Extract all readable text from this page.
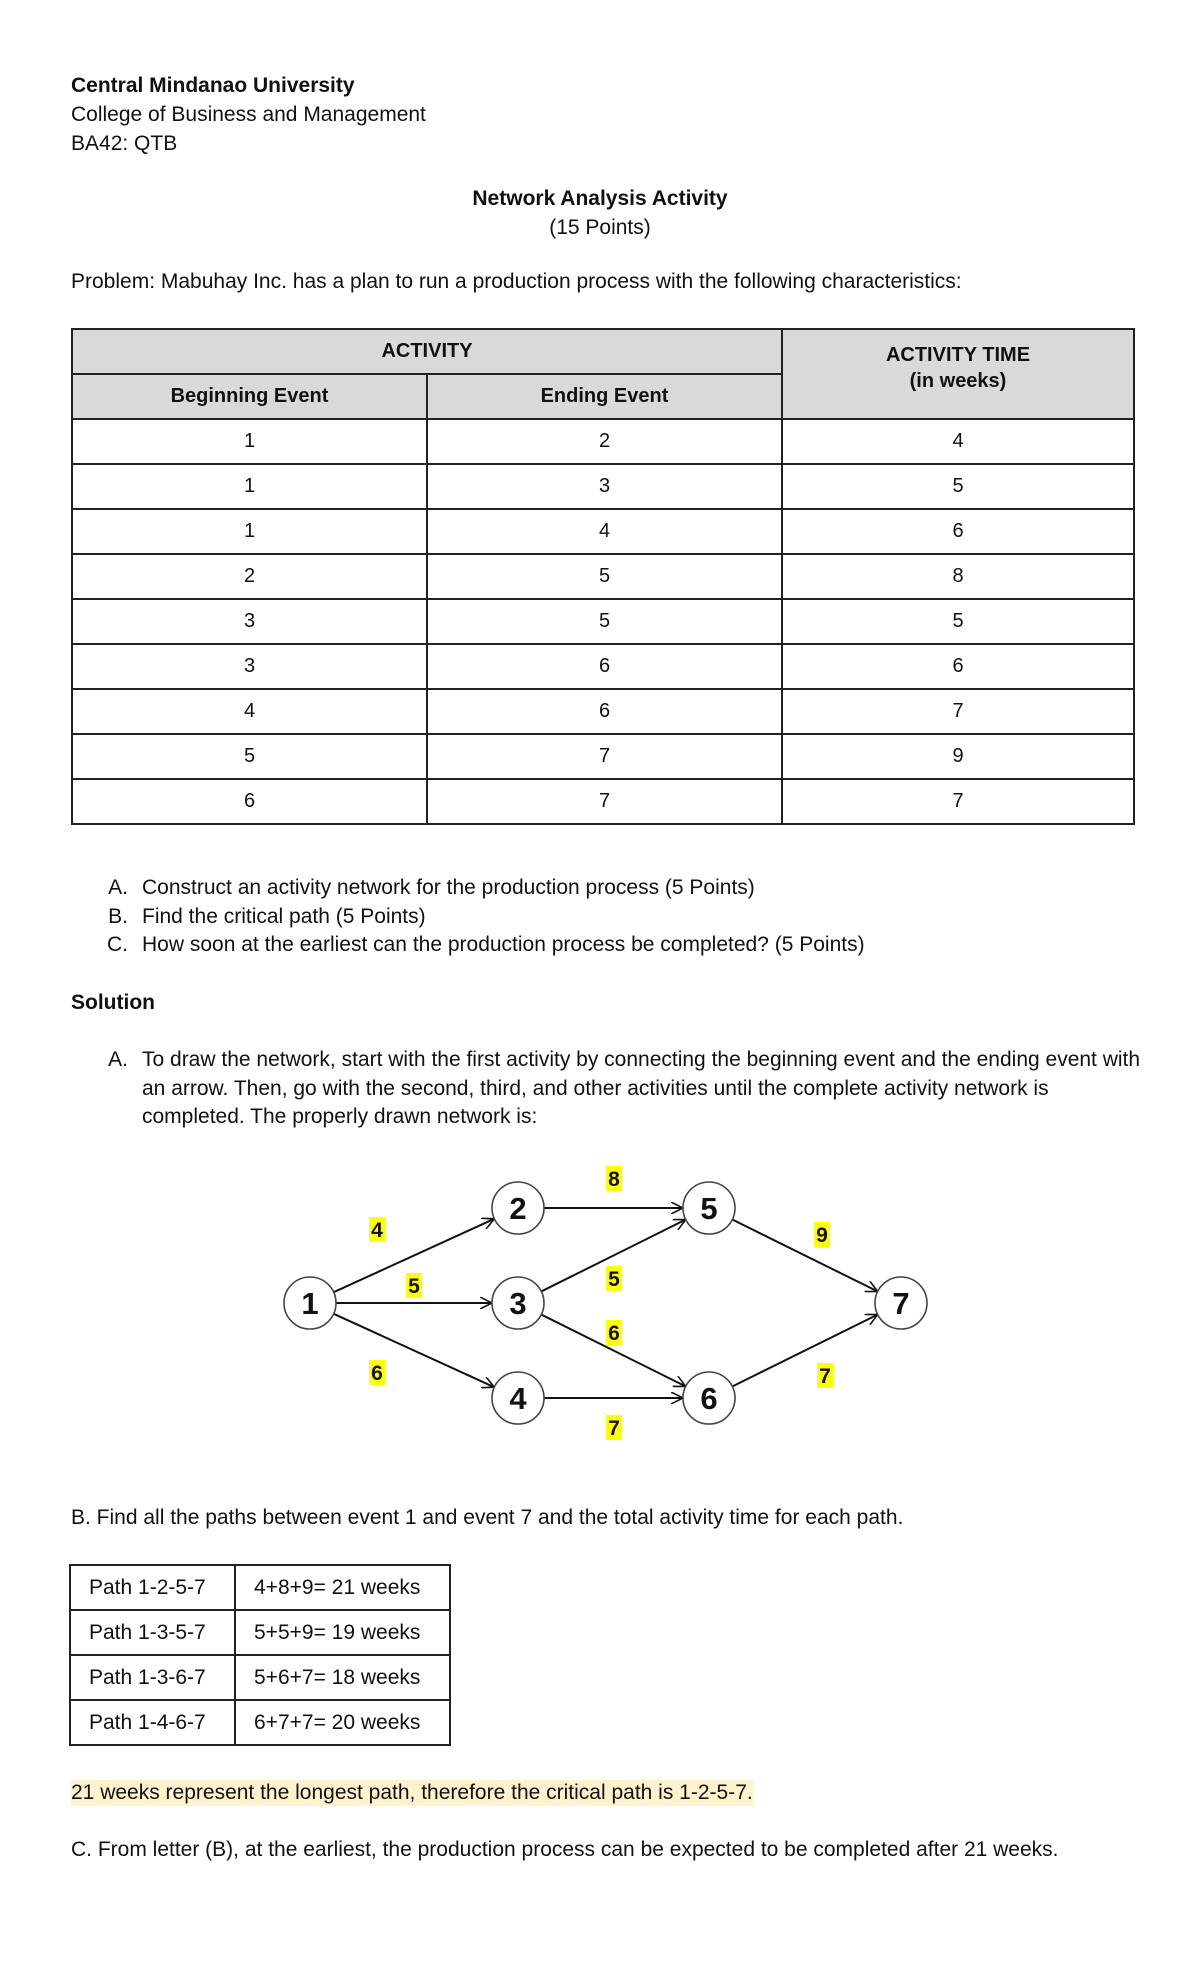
Central Mindanao University
College of Business and Management
BA42: QTB
Network Analysis Activity
(15 Points)
Problem: Mabuhay Inc. has a plan to run a production process with the following characteristics:
ACTIVITY		ACTIVITY TIME
(in weeks)

Beginning Event	Ending Event	
1	2	4
1	3	5
1	4	6
2	5	8
3	5	5
3	6	6
4	6	7
5	7	9
6	7	7
A. Construct an activity network for the production process (5 Points)
B. Find the critical path (5 Points)
C. How soon at the earliest can the production process be completed? (5 Points)
Solution
A. To draw the network, start with the first activity by connecting the beginning event and the ending event with an arrow. Then, go with the second, third, and other activities until the complete activity network is completed. The properly drawn network is:
1
2
3
4
5
6
7
4
5
6
8
5
6
7
9
7
B. Find all the paths between event 1 and event 7 and the total activity time for each path.
Path 1-2-5-7	4+8+9= 21 weeks
Path 1-3-5-7	5+5+9= 19 weeks
Path 1-3-6-7	5+6+7= 18 weeks
Path 1-4-6-7	6+7+7= 20 weeks
21 weeks represent the longest path, therefore the critical path is 1-2-5-7.
C. From letter (B), at the earliest, the production process can be expected to be completed after 21 weeks.
